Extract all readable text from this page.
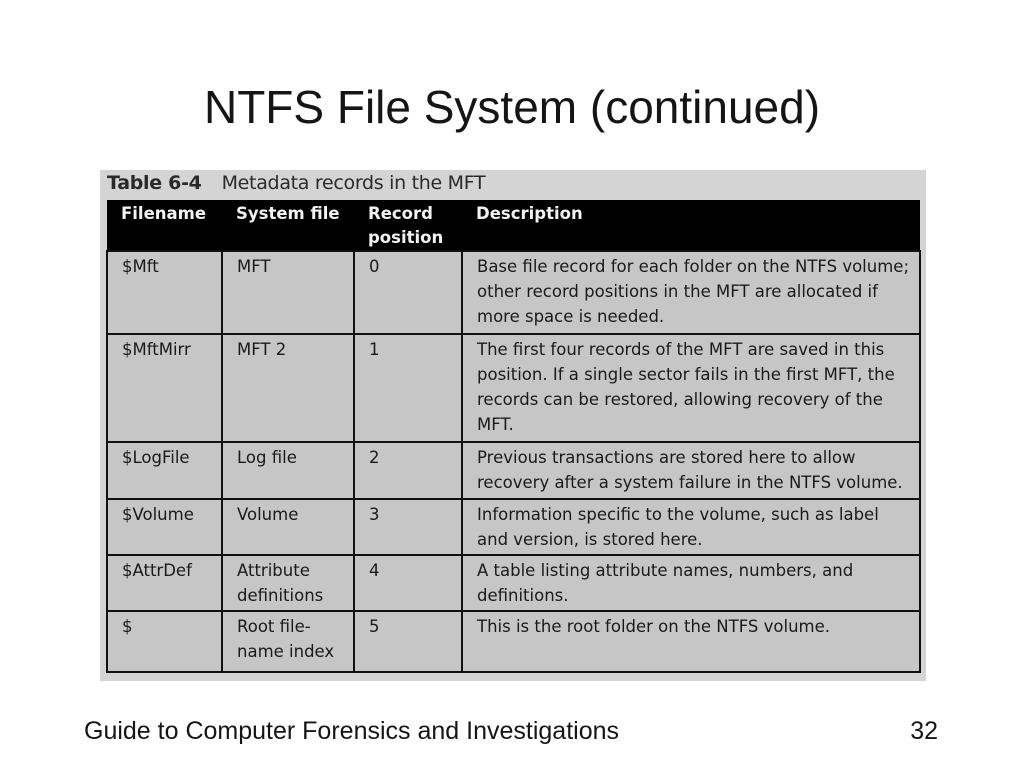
NTFS File System (continued)
Table 6-4 Metadata records in the MFT
Filename	System file	Record position	Description
$Mft	MFT	0	Base file record for each folder on the NTFS volume; other record positions in the MFT are allocated if more space is needed.
$MftMirr	MFT 2	1	The first four records of the MFT are saved in this position. If a single sector fails in the first MFT, the records can be restored, allowing recovery of the MFT.
$LogFile	Log file	2	Previous transactions are stored here to allow recovery after a system failure in the NTFS volume.
$Volume	Volume	3	Information specific to the volume, such as label and version, is stored here.
$AttrDef	Attribute definitions	4	A table listing attribute names, numbers, and definitions.
$	Root file-name index	5	This is the root folder on the NTFS volume.
Guide to Computer Forensics and Investigations	32
